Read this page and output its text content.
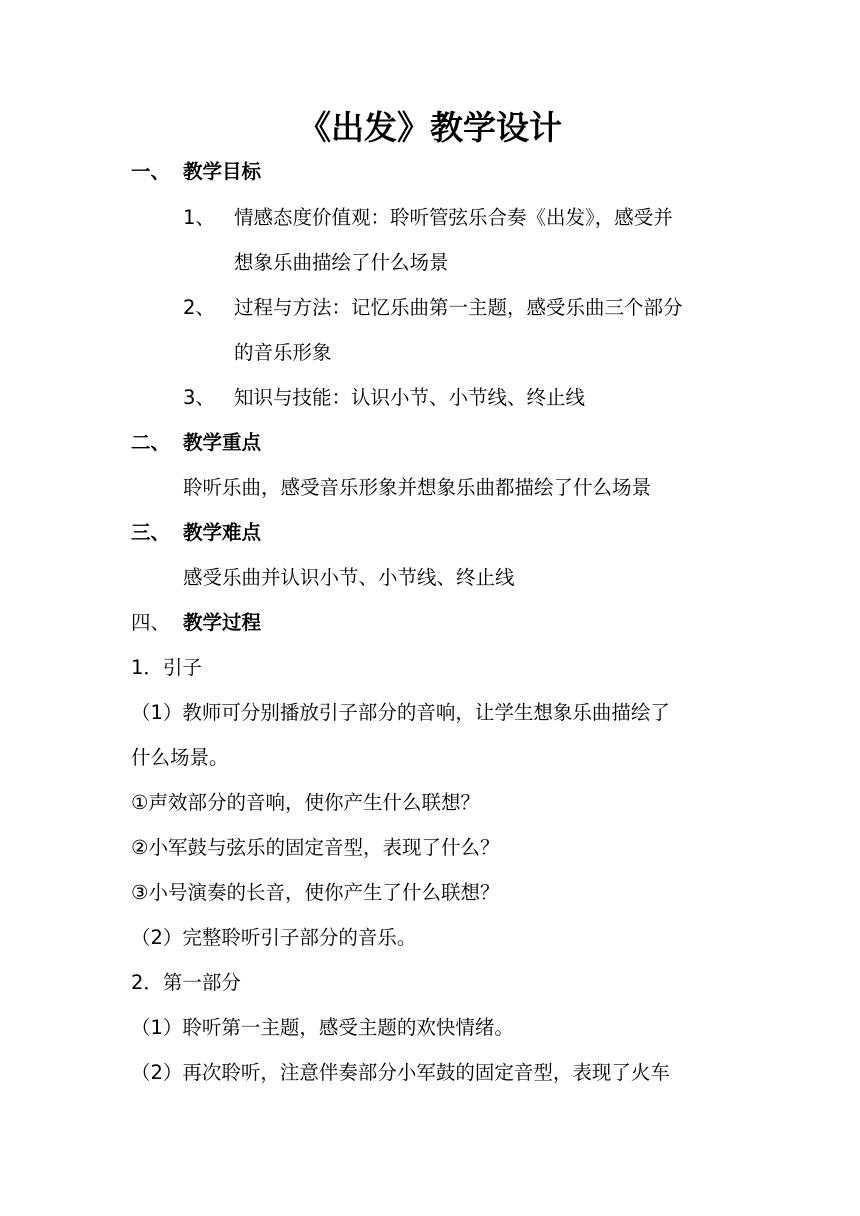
《出发》教学设计
一、 教学目标
1、 情感态度价值观：聆听管弦乐合奏《出发》，感受并
想象乐曲描绘了什么场景
2、 过程与方法：记忆乐曲第一主题，感受乐曲三个部分
的音乐形象
3、 知识与技能：认识小节、小节线、终止线
二、 教学重点
聆听乐曲，感受音乐形象并想象乐曲都描绘了什么场景
三、 教学难点
感受乐曲并认识小节、小节线、终止线
四、 教学过程
1．引子
（1）教师可分别播放引子部分的音响，让学生想象乐曲描绘了
什么场景。
①声效部分的音响，使你产生什么联想？
②小军鼓与弦乐的固定音型，表现了什么？
③小号演奏的长音，使你产生了什么联想？
（2）完整聆听引子部分的音乐。
2．第一部分
（1）聆听第一主题，感受主题的欢快情绪。
（2）再次聆听，注意伴奏部分小军鼓的固定音型，表现了火车
